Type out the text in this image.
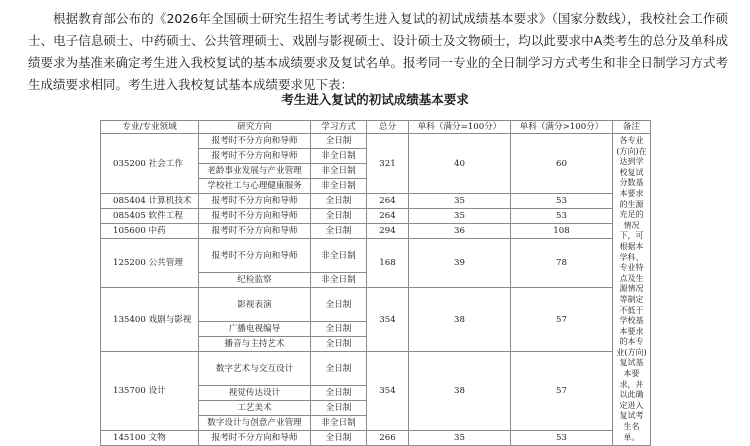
根据教育部公布的《2026年全国硕士研究生招生考试考生进入复试的初试成绩基本要求》（国家分数线），我校社会工作硕士、电子信息硕士、中药硕士、公共管理硕士、戏剧与影视硕士、设计硕士及文物硕士，均以此要求中A类考生的总分及单科成绩要求为基准来确定考生进入我校复试的基本成绩要求及复试名单。报考同一专业的全日制学习方式考生和非全日制学习方式考生成绩要求相同。考生进入我校复试基本成绩要求见下表：

考生进入复试的初试成绩基本要求
专业/专业领域	研究方向	学习方式	总分	单科（满分=100分）	单科（满分>100分）	备注
035200 社会工作	报考时不分方向和导师	全日制	321	40	60	各专业(方向)在达到学校复试分数基本要求的生源充足的情况下，可根据本学科、专业特点及生源情况等制定不低于学校基本要求的本专业(方向)复试基本要求，并以此确定进入复试考生名单。
	报考时不分方向和导师	非全日制				
	老龄事业发展与产业管理	非全日制				
	学校社工与心理健康服务	非全日制				
085404 计算机技术	报考时不分方向和导师	全日制	264	35	53	
085405 软件工程	报考时不分方向和导师	全日制	264	35	53	
105600 中药	报考时不分方向和导师	全日制	294	36	108	
125200 公共管理	报考时不分方向和导师	非全日制	168	39	78	
	纪检监察	非全日制				
135400 戏剧与影视	影视表演	全日制	354	38	57	
	广播电视编导	全日制				
	播音与主持艺术	全日制				
135700 设计	数字艺术与交互设计	全日制	354	38	57	
	视觉传达设计	全日制				
	工艺美术	全日制				
	数字设计与创意产业管理	非全日制				
145100 文物	报考时不分方向和导师	全日制	266	35	53	
